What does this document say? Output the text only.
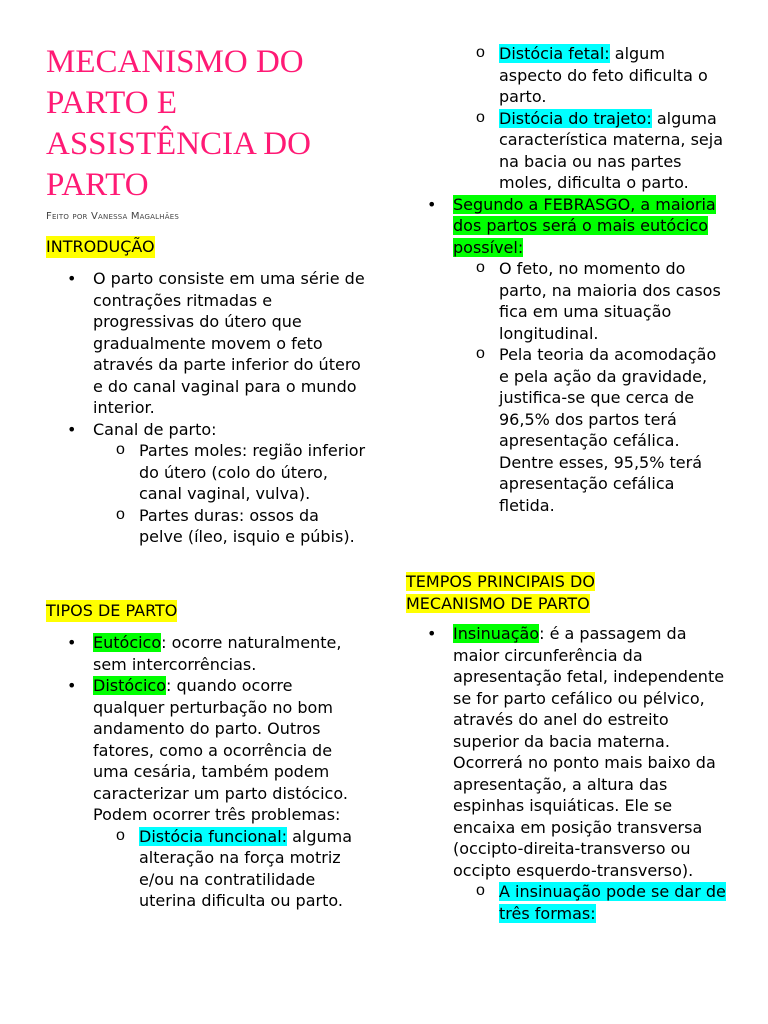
MECANISMO DO PARTO E ASSISTÊNCIA DO PARTO
Feito por Vanessa Magalhães
INTRODUÇÃO
• O parto consiste em uma série de contrações ritmadas e progressivas do útero que gradualmente movem o feto através da parte inferior do útero e do canal vaginal para o mundo interior.
• Canal de parto:
o Partes moles: região inferior do útero (colo do útero, canal vaginal, vulva).
o Partes duras: ossos da pelve (íleo, isquio e púbis).
TIPOS DE PARTO
• Eutócico: ocorre naturalmente, sem intercorrências.
• Distócico: quando ocorre qualquer perturbação no bom andamento do parto. Outros fatores, como a ocorrência de uma cesária, também podem caracterizar um parto distócico. Podem ocorrer três problemas:
o Distócia funcional: alguma alteração na força motriz e/ou na contratilidade uterina dificulta ou parto.
o Distócia fetal: algum aspecto do feto dificulta o parto.
o Distócia do trajeto: alguma característica materna, seja na bacia ou nas partes moles, dificulta o parto.
• Segundo a FEBRASGO, a maioria dos partos será o mais eutócico possível:
o O feto, no momento do parto, na maioria dos casos fica em uma situação longitudinal.
o Pela teoria da acomodação e pela ação da gravidade, justifica-se que cerca de 96,5% dos partos terá apresentação cefálica. Dentre esses, 95,5% terá apresentação cefálica fletida.
TEMPOS PRINCIPAIS DO MECANISMO DE PARTO
• Insinuação: é a passagem da maior circunferência da apresentação fetal, independente se for parto cefálico ou pélvico, através do anel do estreito superior da bacia materna. Ocorrerá no ponto mais baixo da apresentação, a altura das espinhas isquiáticas. Ele se encaixa em posição transversa (occipto-direita-transverso ou occipto esquerdo-transverso).
o A insinuação pode se dar de três formas:
